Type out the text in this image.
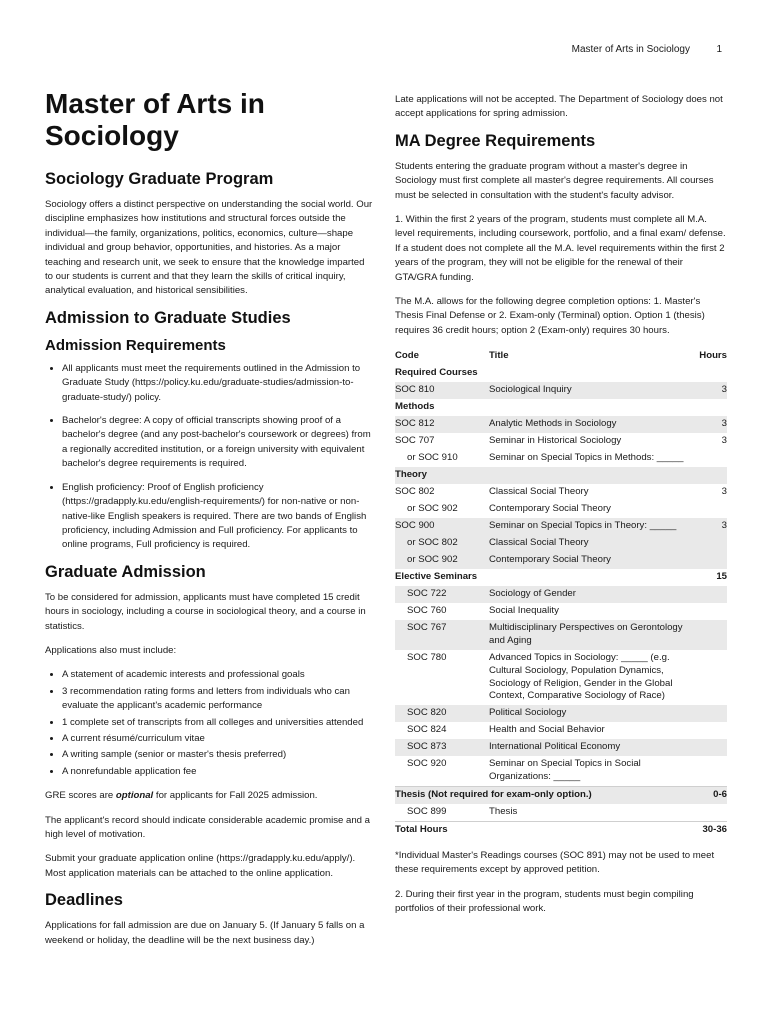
Master of Arts in Sociology	1
Master of Arts in Sociology
Sociology Graduate Program

Sociology offers a distinct perspective on understanding the social world. Our discipline emphasizes how institutions and structural forces outside the individual—the family, organizations, politics, economics, culture—shape individual and group behavior, opportunities, and histories. As a major teaching and research unit, we seek to ensure that the knowledge imparted to our students is current and that they learn the skills of critical inquiry, analytical evaluation, and historical sensibilities.

Admission to Graduate Studies
Admission Requirements
• All applicants must meet the requirements outlined in the Admission to Graduate Study (https://policy.ku.edu/graduate-studies/admission-to-graduate-study/) policy.
• Bachelor's degree: A copy of official transcripts showing proof of a bachelor's degree (and any post-bachelor's coursework or degrees) from a regionally accredited institution, or a foreign university with equivalent bachelor's degree requirements is required.
• English proficiency: Proof of English proficiency (https://gradapply.ku.edu/english-requirements/) for non-native or non-native-like English speakers is required. There are two bands of English proficiency, including Admission and Full proficiency. For applicants to online programs, Full proficiency is required.
Graduate Admission

To be considered for admission, applicants must have completed 15 credit hours in sociology, including a course in sociological theory, and a course in statistics.

Applications also must include:

• A statement of academic interests and professional goals
• 3 recommendation rating forms and letters from individuals who can evaluate the applicant's academic performance
• 1 complete set of transcripts from all colleges and universities attended
• A current résumé/curriculum vitae
• A writing sample (senior or master's thesis preferred)
• A nonrefundable application fee

GRE scores are optional for applicants for Fall 2025 admission.

The applicant's record should indicate considerable academic promise and a high level of motivation.

Submit your graduate application online (https://gradapply.ku.edu/apply/). Most application materials can be attached to the online application.

Deadlines

Applications for fall admission are due on January 5. (If January 5 falls on a weekend or holiday, the deadline will be the next business day.)

Late applications will not be accepted. The Department of Sociology does not accept applications for spring admission.

MA Degree Requirements

Students entering the graduate program without a master's degree in Sociology must first complete all master's degree requirements. All courses must be selected in consultation with the student's faculty advisor.

1. Within the first 2 years of the program, students must complete all M.A. level requirements, including coursework, portfolio, and a final exam/ defense. If a student does not complete all the M.A. level requirements within the first 2 years of the program, they will not be eligible for the renewal of their GTA/GRA funding.

The M.A. allows for the following degree completion options: 1. Master's Thesis Final Defense or 2. Exam-only (Terminal) option. Option 1 (thesis) requires 36 credit hours; option 2 (Exam-only) requires 30 hours.

Code	Title	Hours
Required Courses		
SOC 810	Sociological Inquiry	3
Methods		
SOC 812	Analytic Methods in Sociology	3
SOC 707	Seminar in Historical Sociology	3
or SOC 910	Seminar on Special Topics in Methods: _____	
Theory		
SOC 802	Classical Social Theory	3
or SOC 902	Contemporary Social Theory	
SOC 900	Seminar on Special Topics in Theory: _____	3
or SOC 802	Classical Social Theory	
or SOC 902	Contemporary Social Theory	
Elective Seminars		15
SOC 722	Sociology of Gender	
SOC 760	Social Inequality	
SOC 767	Multidisciplinary Perspectives on Gerontology and Aging	
SOC 780	Advanced Topics in Sociology: _____ (e.g. Cultural Sociology, Population Dynamics, Sociology of Religion, Gender in the Global Context, Comparative Sociology of Race)	
SOC 820	Political Sociology	
SOC 824	Health and Social Behavior	
SOC 873	International Political Economy	
SOC 920	Seminar on Special Topics in Social Organizations: _____	
Thesis (Not required for exam-only option.)		0-6
SOC 899	Thesis	
Total Hours		30-36

*Individual Master's Readings courses (SOC 891) may not be used to meet these requirements except by approved petition.

2. During their first year in the program, students must begin compiling portfolios of their professional work.
